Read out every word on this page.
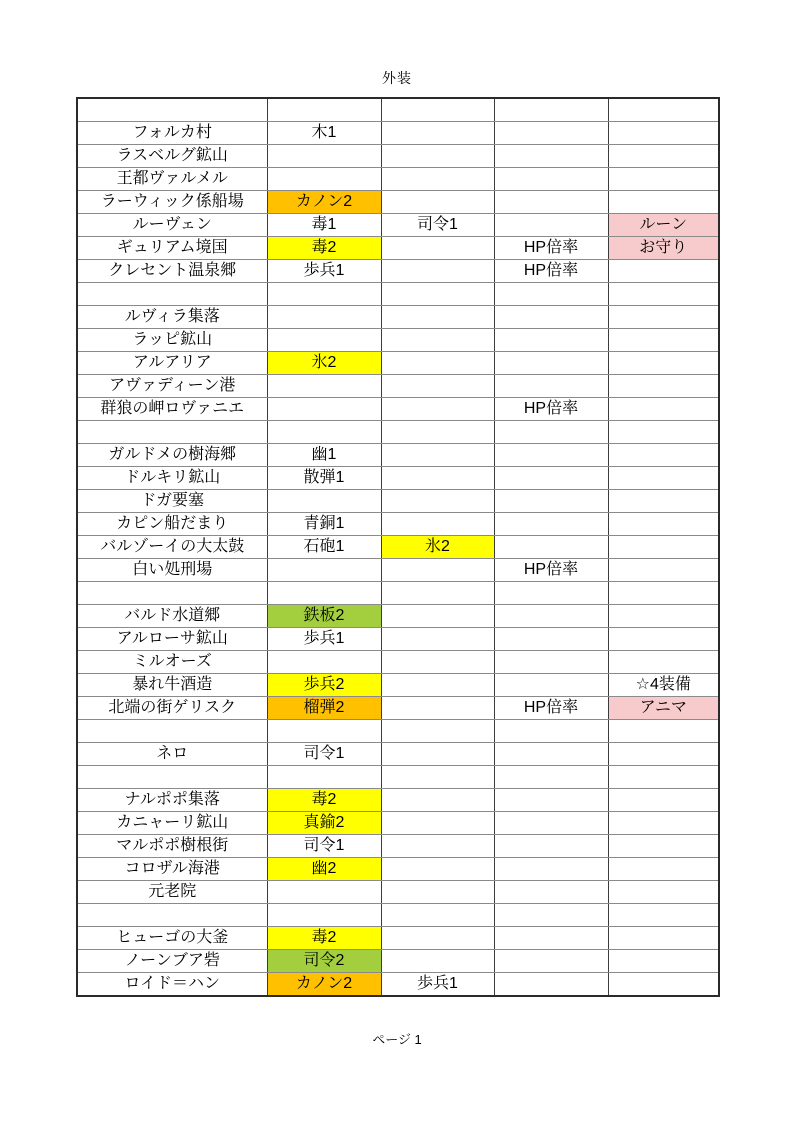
外装

フォルカ村	木1			
ラスベルグ鉱山				
王都ヴァルメル				
ラーウィック係船場	カノン2			
ルーヴェン	毒1	司令1		ルーン
ギュリアム境国	毒2		HP倍率	お守り
クレセント温泉郷	歩兵1		HP倍率	

ルヴィラ集落				
ラッピ鉱山				
アルアリア	氷2			
アヴァディーン港				
群狼の岬ロヴァニエ			HP倍率	

ガルドメの樹海郷	幽1			
ドルキリ鉱山	散弾1			
ドガ要塞				
カピン船だまり	青銅1			
バルゾーイの大太鼓	石砲1	氷2		
白い処刑場			HP倍率	

バルド水道郷	鉄板2			
アルローサ鉱山	歩兵1			
ミルオーズ				
暴れ牛酒造	歩兵2			☆4装備
北端の街ゲリスク	榴弾2		HP倍率	アニマ

ネロ	司令1			

ナルポポ集落	毒2			
カニャーリ鉱山	真鍮2			
マルポポ樹根街	司令1			
コロザル海港	幽2			
元老院				

ヒューゴの大釜	毒2			
ノーンブア砦	司令2			
ロイド＝ハン	カノン2	歩兵1		
ページ 1
